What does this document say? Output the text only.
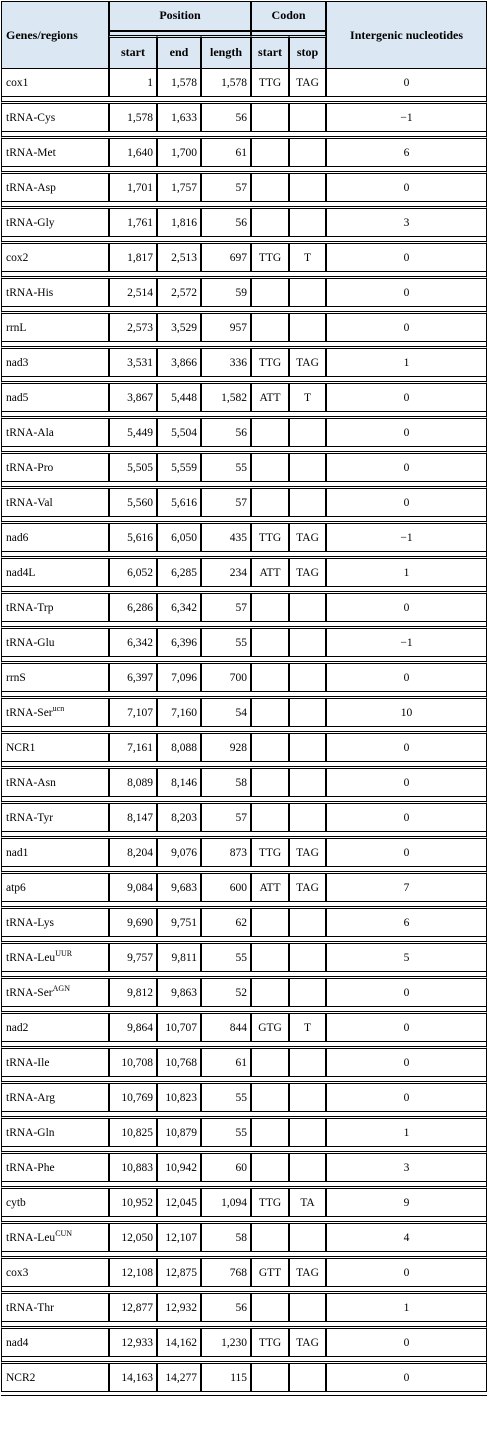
Genes/regions	Position			Codon		Intergenic nucleotides

	start	end	length	start	stop	
cox1	1	1,578	1,578	TTG	TAG	0

tRNA-Cys	1,578	1,633	56			−1

tRNA-Met	1,640	1,700	61			6

tRNA-Asp	1,701	1,757	57			0

tRNA-Gly	1,761	1,816	56			3

cox2	1,817	2,513	697	TTG	T	0

tRNA-His	2,514	2,572	59			0

rrnL	2,573	3,529	957			0

nad3	3,531	3,866	336	TTG	TAG	1

nad5	3,867	5,448	1,582	ATT	T	0

tRNA-Ala	5,449	5,504	56			0

tRNA-Pro	5,505	5,559	55			0

tRNA-Val	5,560	5,616	57			0

nad6	5,616	6,050	435	TTG	TAG	−1

nad4L	6,052	6,285	234	ATT	TAG	1

tRNA-Trp	6,286	6,342	57			0

tRNA-Glu	6,342	6,396	55			−1

rrnS	6,397	7,096	700			0

tRNA-Ser$^{ucn}$	7,107	7,160	54			10

NCR1	7,161	8,088	928			0

tRNA-Asn	8,089	8,146	58			0

tRNA-Tyr	8,147	8,203	57			0

nad1	8,204	9,076	873	TTG	TAG	0

atp6	9,084	9,683	600	ATT	TAG	7

tRNA-Lys	9,690	9,751	62			6

tRNA-Leu$^{UUR}$	9,757	9,811	55			5

tRNA-Ser$^{AGN}$	9,812	9,863	52			0

nad2	9,864	10,707	844	GTG	T	0

tRNA-Ile	10,708	10,768	61			0

tRNA-Arg	10,769	10,823	55			0

tRNA-Gln	10,825	10,879	55			1

tRNA-Phe	10,883	10,942	60			3

cytb	10,952	12,045	1,094	TTG	TA	9

tRNA-Leu$^{CUN}$	12,050	12,107	58			4

cox3	12,108	12,875	768	GTT	TAG	0

tRNA-Thr	12,877	12,932	56			1

nad4	12,933	14,162	1,230	TTG	TAG	0

NCR2	14,163	14,277	115			0
